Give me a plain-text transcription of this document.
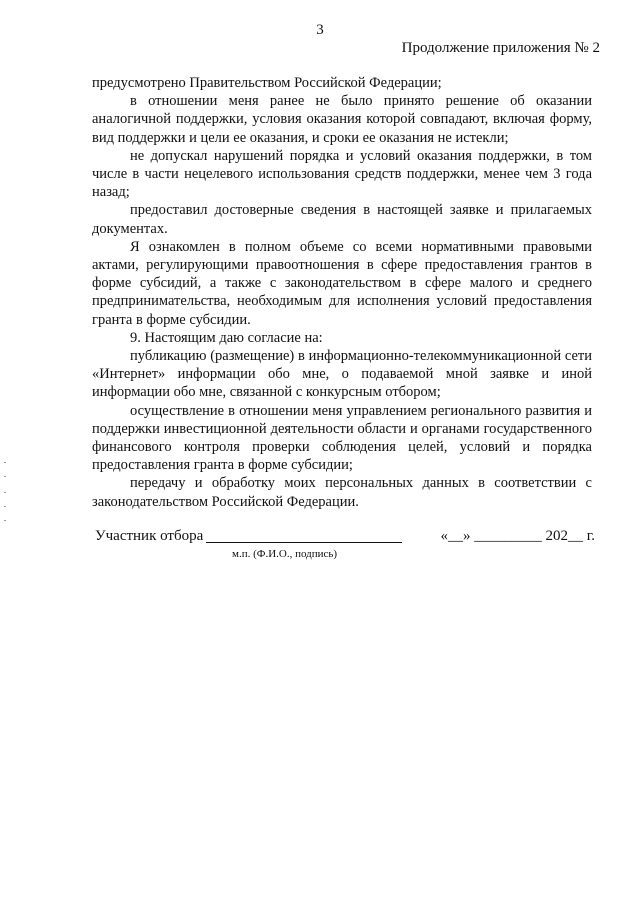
3
Продолжение приложения № 2

предусмотрено Правительством Российской Федерации;

в отношении меня ранее не было принято решение об оказании аналогичной поддержки, условия оказания которой совпадают, включая форму, вид поддержки и цели ее оказания, и сроки ее оказания не истекли;

не допускал нарушений порядка и условий оказания поддержки, в том числе в части нецелевого использования средств поддержки, менее чем 3 года назад;

предоставил достоверные сведения в настоящей заявке и прилагаемых документах.

Я ознакомлен в полном объеме со всеми нормативными правовыми актами, регулирующими правоотношения в сфере предоставления грантов в форме субсидий, а также с законодательством в сфере малого и среднего предпринимательства, необходимым для исполнения условий предоставления гранта в форме субсидии.

9. Настоящим даю согласие на:

публикацию (размещение) в информационно-телекоммуникационной сети «Интернет» информации обо мне, о подаваемой мной заявке и иной информации обо мне, связанной с конкурсным отбором;

осуществление в отношении меня управлением регионального развития и поддержки инвестиционной деятельности области и органами государственного финансового контроля проверки соблюдения целей, условий и порядка предоставления гранта в форме субсидии;

передачу и обработку моих персональных данных в соответствии с законодательством Российской Федерации.

Участник отбора	«__» _________ 202__ г.
м.п. (Ф.И.О., подпись)
